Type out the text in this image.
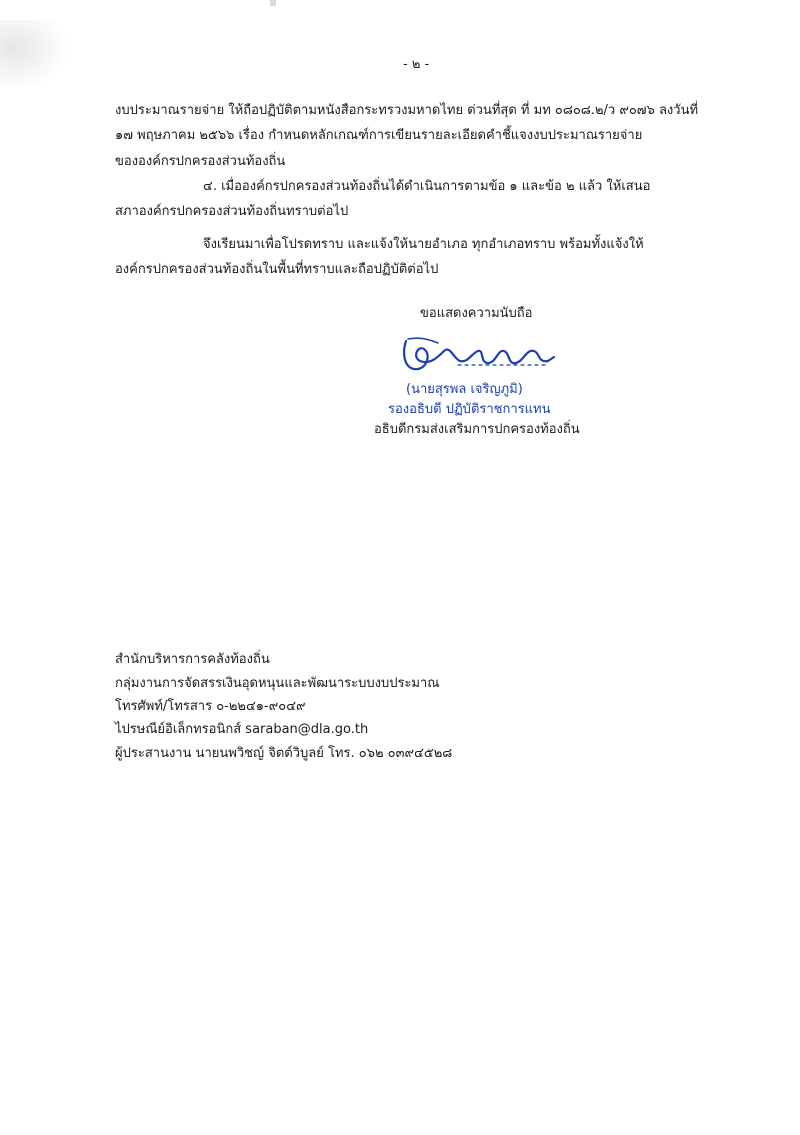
- ๒ -
งบประมาณรายจ่าย ให้ถือปฏิบัติตามหนังสือกระทรวงมหาดไทย ด่วนที่สุด ที่ มท ๐๘๐๘.๒/ว ๙๐๗๖ ลงวันที่
๑๗ พฤษภาคม ๒๕๖๖ เรื่อง กำหนดหลักเกณฑ์การเขียนรายละเอียดคำชี้แจงงบประมาณรายจ่าย
ขององค์กรปกครองส่วนท้องถิ่น
๔. เมื่อองค์กรปกครองส่วนท้องถิ่นได้ดำเนินการตามข้อ ๑ และข้อ ๒ แล้ว ให้เสนอ
สภาองค์กรปกครองส่วนท้องถิ่นทราบต่อไป
จึงเรียนมาเพื่อโปรดทราบ และแจ้งให้นายอำเภอ ทุกอำเภอทราบ พร้อมทั้งแจ้งให้
องค์กรปกครองส่วนท้องถิ่นในพื้นที่ทราบและถือปฏิบัติต่อไป
ขอแสดงความนับถือ
(นายสุรพล เจริญภูมิ)
รองอธิบดี ปฏิบัติราชการแทน
อธิบดีกรมส่งเสริมการปกครองท้องถิ่น
สำนักบริหารการคลังท้องถิ่น
กลุ่มงานการจัดสรรเงินอุดหนุนและพัฒนาระบบงบประมาณ
โทรศัพท์/โทรสาร ๐-๒๒๔๑-๙๐๔๙
ไปรษณีย์อิเล็กทรอนิกส์ saraban@dla.go.th
ผู้ประสานงาน นายนพวิชญ์ จิตต์วิบูลย์ โทร. ๐๖๒ ๐๓๙๔๕๒๘
